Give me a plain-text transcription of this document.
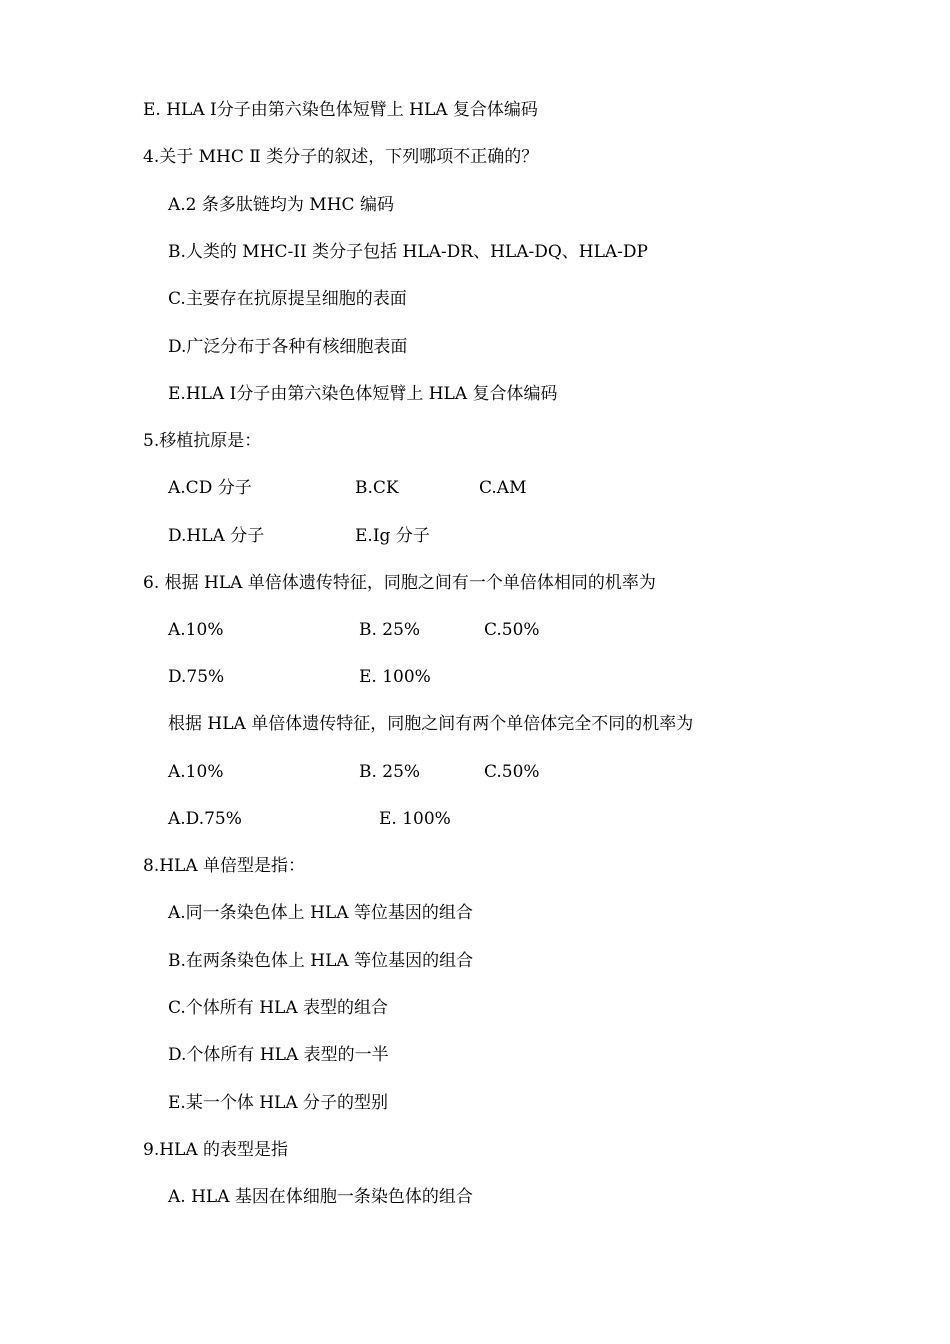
E. HLA Ⅰ分子由第六染色体短臂上 HLA 复合体编码
4.关于 MHC Ⅱ 类分子的叙述，下列哪项不正确的？
A.2 条多肽链均为 MHC 编码
B.人类的 MHC-II 类分子包括 HLA-DR、HLA-DQ、HLA-DP
C.主要存在抗原提呈细胞的表面
D.广泛分布于各种有核细胞表面
E.HLA Ⅰ分子由第六染色体短臂上 HLA 复合体编码
5.移植抗原是：

A.CD 分子

	B.CK

	C.AM

D.HLA 分子

	E.Ig 分子

6. 根据 HLA 单倍体遗传特征，同胞之间有一个单倍体相同的机率为

A.10%

	B. 25%

	C.50%

D.75%

	E. 100%

根据 HLA 单倍体遗传特征，同胞之间有两个单倍体完全不同的机率为

A.10%

	B. 25%

	C.50%

A.D.75%

	E. 100%

8.HLA 单倍型是指：
A.同一条染色体上 HLA 等位基因的组合
B.在两条染色体上 HLA 等位基因的组合
C.个体所有 HLA 表型的组合
D.个体所有 HLA 表型的一半
E.某一个体 HLA 分子的型别
9.HLA 的表型是指
A. HLA 基因在体细胞一条染色体的组合
